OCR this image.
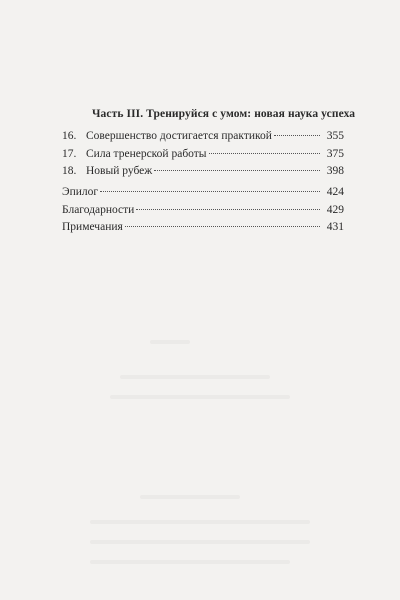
Часть III. Тренируйся с умом: новая наука успеха
16. Совершенство достигается практикой	355
17. Сила тренерской работы	375
18. Новый рубеж	398
Эпилог	424
Благодарности	429
Примечания	431
